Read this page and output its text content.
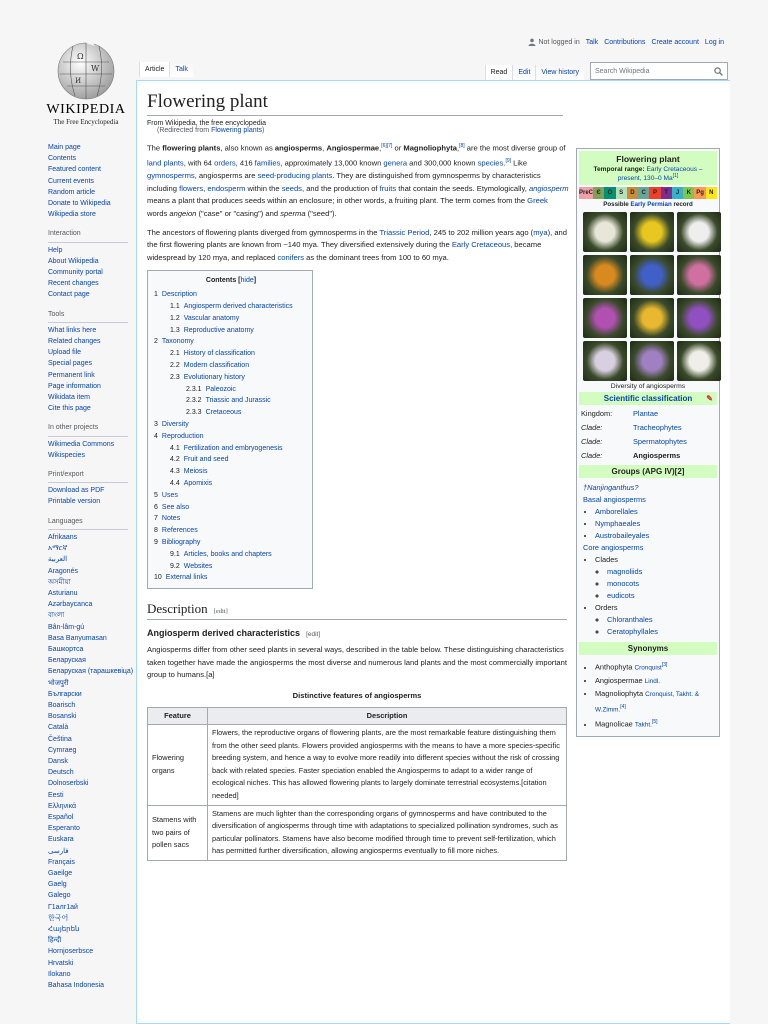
Not logged in Talk Contributions Create account Log in
Ω
W
И
WIKIPEDIA
The Free Encyclopedia
Article	Talk	Read	Edit	View history	Search Wikipedia
Main page
Contents
Featured content
Current events
Random article
Donate to Wikipedia
Wikipedia store
Interaction
Help
About Wikipedia
Community portal
Recent changes
Contact page
Tools
What links here
Related changes
Upload file
Special pages
Permanent link
Page information
Wikidata item
Cite this page
In other projects
Wikimedia Commons
Wikispecies
Print/export
Download as PDF
Printable version
Languages
Afrikaans
አማርኛ
العربية
Aragonés
অসমীয়া
Asturianu
Azərbaycanca
বাংলা
Bân-lâm-gú
Basa Banyumasan
Башкортса
Беларуская
Беларуская (тарашкевіца)
भोजपुरी
Български
Boarisch
Bosanski
Català
Čeština
Cymraeg
Dansk
Deutsch
Dolnoserbski
Eesti
Ελληνικά
Español
Esperanto
Euskara
فارسی
Français
Gaeilge
Gaelg
Galego
Г1алг1ай
한국어
Հայերեն
हिन्दी
Hornjoserbsce
Hrvatski
Ilokano
Bahasa Indonesia
Flowering plant
From Wikipedia, the free encyclopedia
(Redirected from Flowering plants)

The flowering plants, also known as angiosperms, Angiospermae,[6][7] or Magnoliophyta,[8] are the most diverse group of land plants, with 64 orders, 416 families, approximately 13,000 known genera and 300,000 known species.[9] Like gymnosperms, angiosperms are seed-producing plants. They are distinguished from gymnosperms by characteristics including flowers, endosperm within the seeds, and the production of fruits that contain the seeds. Etymologically, angiosperm means a plant that produces seeds within an enclosure; in other words, a fruiting plant. The term comes from the Greek words angeion ("case" or "casing") and sperma ("seed").

The ancestors of flowering plants diverged from gymnosperms in the Triassic Period, 245 to 202 million years ago (mya), and the first flowering plants are known from ~140 mya. They diversified extensively during the Early Cretaceous, became widespread by 120 mya, and replaced conifers as the dominant trees from 100 to 60 mya.

Contents [hide]
1 Description
1.1 Angiosperm derived characteristics
1.2 Vascular anatomy
1.3 Reproductive anatomy
2 Taxonomy
2.1 History of classification
2.2 Modern classification
2.3 Evolutionary history
2.3.1 Paleozoic
2.3.2 Triassic and Jurassic
2.3.3 Cretaceous
3 Diversity
4 Reproduction
4.1 Fertilization and embryogenesis
4.2 Fruit and seed
4.3 Meiosis
4.4 Apomixis
5 Uses
6 See also
7 Notes
8 References
9 Bibliography
9.1 Articles, books and chapters
9.2 Websites
10 External links
Description [edit]
Angiosperm derived characteristics [edit]

Angiosperms differ from other seed plants in several ways, described in the table below. These distinguishing characteristics taken together have made the angiosperms the most diverse and numerous land plants and the most commercially important group to humans.[a]

Distinctive features of angiosperms
Feature	Description
Flowering organs	Flowers, the reproductive organs of flowering plants, are the most remarkable feature distinguishing them from the other seed plants. Flowers provided angiosperms with the means to have a more species-specific breeding system, and hence a way to evolve more readily into different species without the risk of crossing back with related species. Faster speciation enabled the Angiosperms to adapt to a wider range of ecological niches. This has allowed flowering plants to largely dominate terrestrial ecosystems.[citation needed]
Stamens with two pairs of pollen sacs	Stamens are much lighter than the corresponding organs of gymnosperms and have contributed to the diversification of angiosperms through time with adaptations to specialized pollination syndromes, such as particular pollinators. Stamens have also become modified through time to prevent self-fertilization, which has permitted further diversification, allowing angiosperms eventually to fill more niches.
Flowering plant
Temporal range: Early Cretaceous – present, 130–0 Ma[1]
PreC Є	O	S	D	C	P	T	J	K Pg N
Possible Early Permian record
Diversity of angiosperms
Scientific classification ✎
Kingdom:	Plantae
Clade:	Tracheophytes
Clade:	Spermatophytes
Clade:	Angiosperms
Groups (APG IV)[2]
†Nanjinganthus?
Basal angiosperms
• Amborellales
• Nymphaeales
• Austrobaileyales
Core angiosperms
• Clades
◦ magnoliids
◦ monocots
◦ eudicots
• Orders
◦ Chloranthales
◦ Ceratophyllales
Synonyms
• Anthophyta Cronquist[3]
• Angiospermae Lindl.
• Magnoliophyta Cronquist, Takht. & W.Zimm.[4]
• Magnolicae Takht.[5]
